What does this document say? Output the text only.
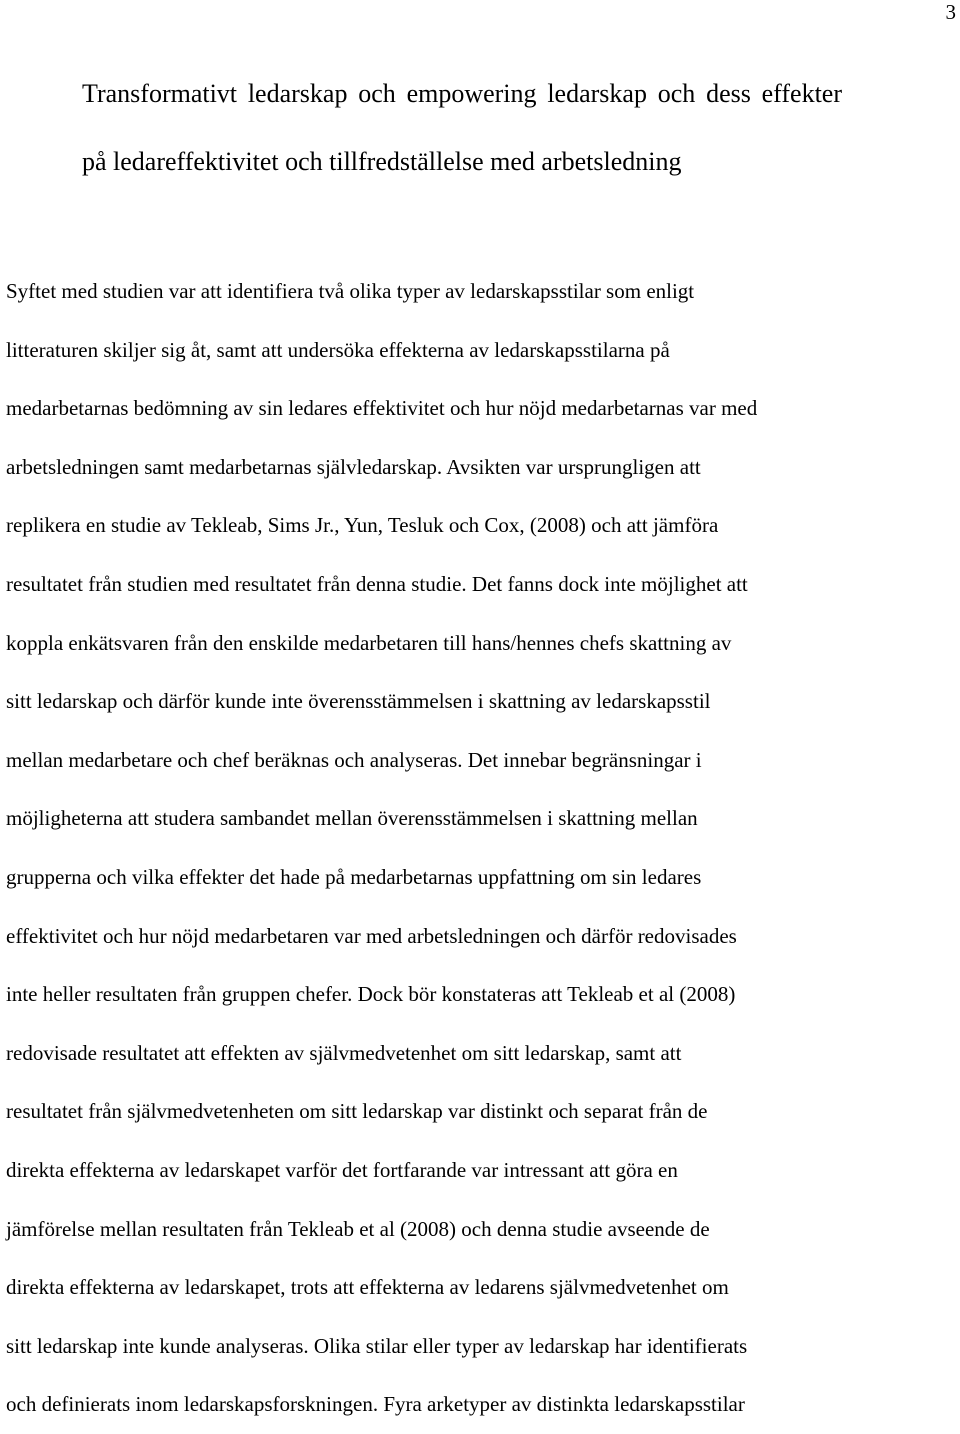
3
Transformativt ledarskap och empowering ledarskap och dess effekter på ledareffektivitet och tillfredställelse med arbetsledning
Syftet med studien var att identifiera två olika typer av ledarskapsstilar som enligt
litteraturen skiljer sig åt, samt att undersöka effekterna av ledarskapsstilarna på
medarbetarnas bedömning av sin ledares effektivitet och hur nöjd medarbetarnas var med
arbetsledningen samt medarbetarnas självledarskap. Avsikten var ursprungligen att
replikera en studie av Tekleab, Sims Jr., Yun, Tesluk och Cox, (2008) och att jämföra
resultatet från studien med resultatet från denna studie. Det fanns dock inte möjlighet att
koppla enkätsvaren från den enskilde medarbetaren till hans/hennes chefs skattning av
sitt ledarskap och därför kunde inte överensstämmelsen i skattning av ledarskapsstil
mellan medarbetare och chef beräknas och analyseras. Det innebar begränsningar i
möjligheterna att studera sambandet mellan överensstämmelsen i skattning mellan
grupperna och vilka effekter det hade på medarbetarnas uppfattning om sin ledares
effektivitet och hur nöjd medarbetaren var med arbetsledningen och därför redovisades
inte heller resultaten från gruppen chefer. Dock bör konstateras att Tekleab et al (2008)
redovisade resultatet att effekten av självmedvetenhet om sitt ledarskap, samt att
resultatet från självmedvetenheten om sitt ledarskap var distinkt och separat från de
direkta effekterna av ledarskapet varför det fortfarande var intressant att göra en
jämförelse mellan resultaten från Tekleab et al (2008) och denna studie avseende de
direkta effekterna av ledarskapet, trots att effekterna av ledarens självmedvetenhet om
sitt ledarskap inte kunde analyseras. Olika stilar eller typer av ledarskap har identifierats
och definierats inom ledarskapsforskningen. Fyra arketyper av distinkta ledarskapsstilar
